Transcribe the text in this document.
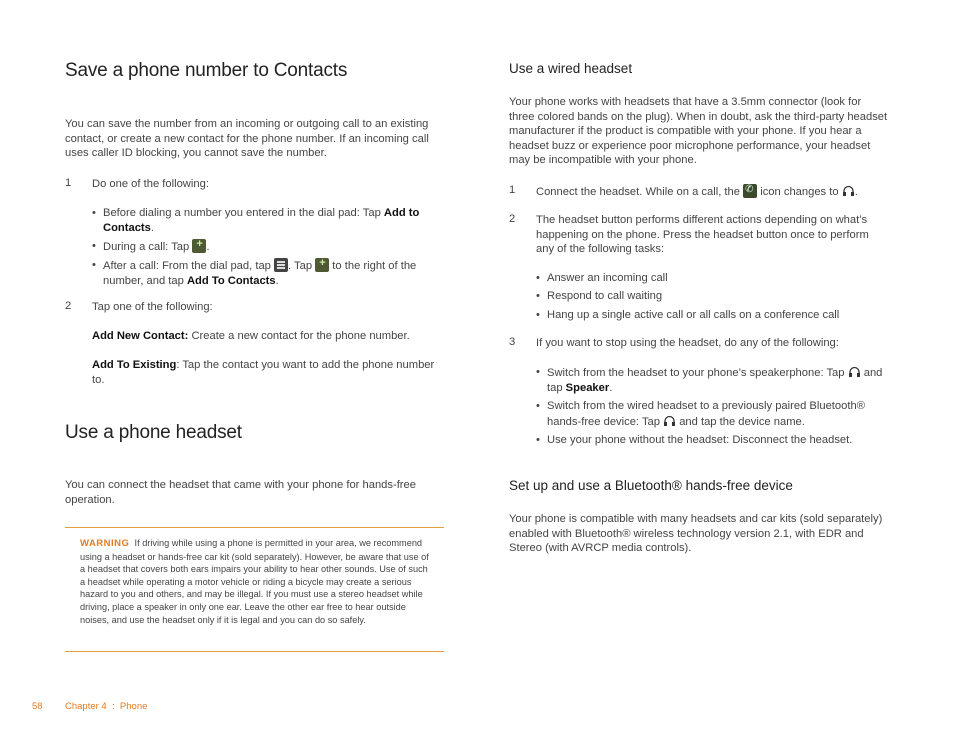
Save a phone number to Contacts

You can save the number from an incoming or outgoing call to an existing contact, or create a new contact for the phone number. If an incoming call uses caller ID blocking, you cannot save the number.

1 Do one of the following:

• Before dialing a number you entered in the dial pad: Tap Add to Contacts.
• During a call: Tap +.
• After a call: From the dial pad, tap . Tap + to the right of the number, and tap Add To Contacts.
2 Tap one of the following:

Add New Contact: Create a new contact for the phone number.

Add To Existing: Tap the contact you want to add the phone number to.

Use a phone headset

You can connect the headset that came with your phone for hands-free operation.

WARNING If driving while using a phone is permitted in your area, we recommend using a headset or hands-free car kit (sold separately). However, be aware that use of a headset that covers both ears impairs your ability to hear other sounds. Use of such a headset while operating a motor vehicle or riding a bicycle may create a serious hazard to you and others, and may be illegal. If you must use a stereo headset while driving, place a speaker in only one ear. Leave the other ear free to hear outside noises, and use the headset only if it is legal and you can do so safely.

Use a wired headset

Your phone works with headsets that have a 3.5mm connector (look for three colored bands on the plug). When in doubt, ask the third-party headset manufacturer if the product is compatible with your phone. If you hear a headset buzz or experience poor microphone performance, your headset may be incompatible with your phone.

1 Connect the headset. While on a call, the ✆ icon changes to
.

2 The headset button performs different actions depending on what’s happening on the phone. Press the headset button once to perform any of the following tasks:

• Answer an incoming call
• Respond to call waiting
• Hang up a single active call or all calls on a conference call
3 If you want to stop using the headset, do any of the following:

• Switch from the headset to your phone’s speakerphone: Tap
and tap Speaker.
• Switch from the wired headset to a previously paired Bluetooth® hands-free device: Tap
and tap the device name.
• Use your phone without the headset: Disconnect the headset.
Set up and use a Bluetooth® hands-free device

Your phone is compatible with many headsets and car kits (sold separately) enabled with Bluetooth® wireless technology version 2.1, with EDR and Stereo (with AVRCP media controls).

58 Chapter 4  :  Phone
